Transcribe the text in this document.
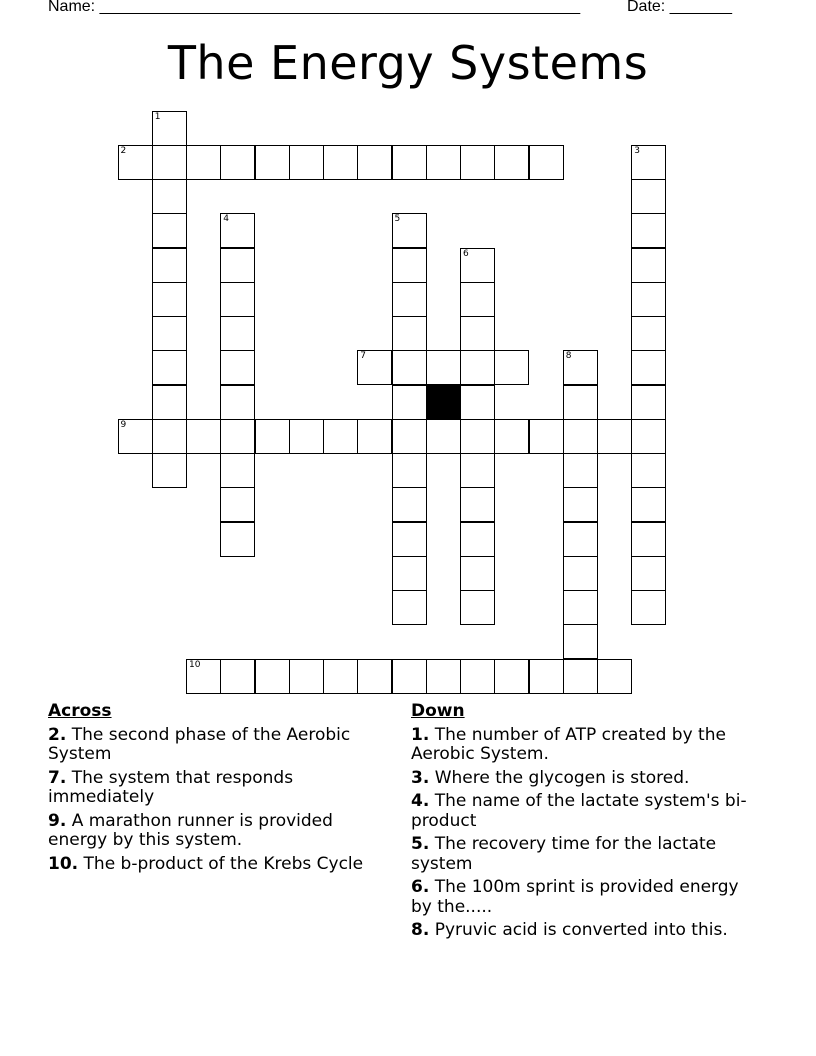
Name: ______________________________________________________	Date: _______
The Energy Systems
2
1
3
4	5
6
7	8
9
10
Across
2. The second phase of the Aerobic System
7. The system that responds immediately
9. A marathon runner is provided energy by this system.
10. The b-product of the Krebs Cycle
Down
1. The number of ATP created by the Aerobic System.
3. Where the glycogen is stored.
4. The name of the lactate system's bi-product
5. The recovery time for the lactate system
6. The 100m sprint is provided energy by the.....
8. Pyruvic acid is converted into this.
